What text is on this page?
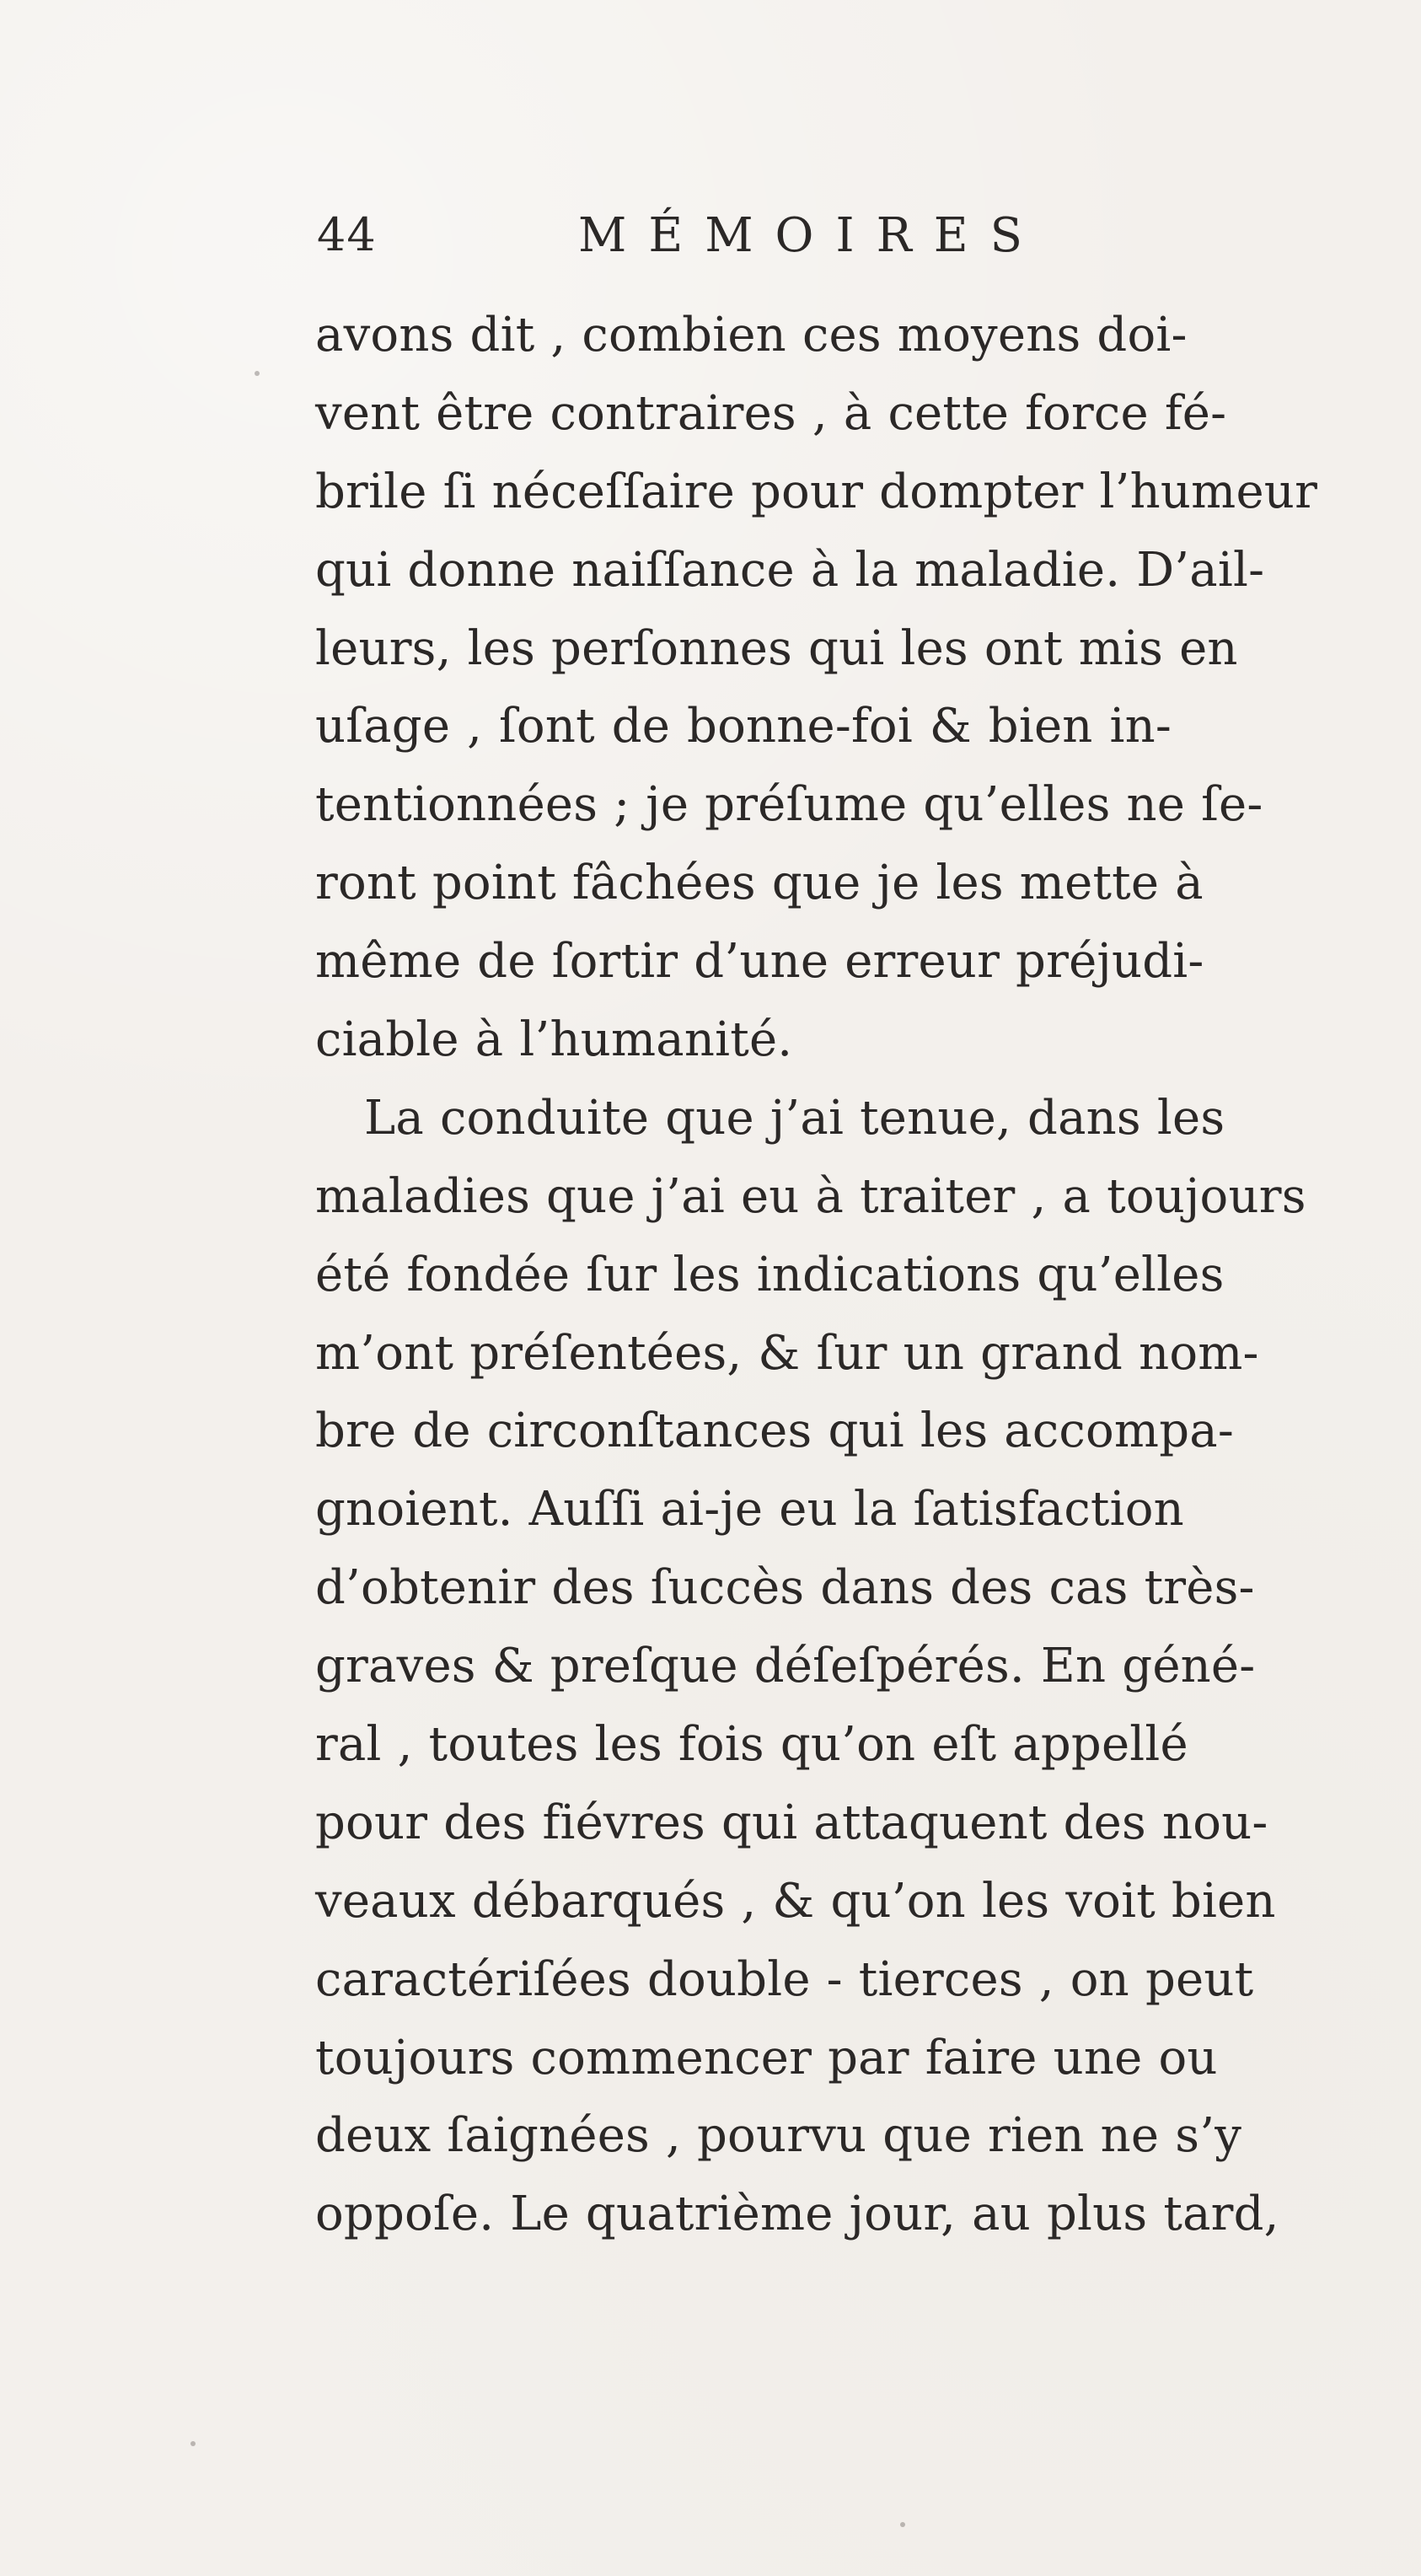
44	MÉMOIRES
avons dit , combien ces moyens doi-
vent être contraires , à cette force fé-
brile ſi néceſſaire pour dompter l’humeur
qui donne naiſſance à la maladie. D’ail-
leurs, les perſonnes qui les ont mis en
uſage , ſont de bonne-foi & bien in-
tentionnées ; je préſume qu’elles ne ſe-
ront point fâchées que je les mette à
même de ſortir d’une erreur préjudi-
ciable à l’humanité.
La conduite que j’ai tenue, dans les
maladies que j’ai eu à traiter , a toujours
été fondée ſur les indications qu’elles
m’ont préſentées, & ſur un grand nom-
bre de circonſtances qui les accompa-
gnoient. Auſſi ai-je eu la ſatisfaction
d’obtenir des ſuccès dans des cas très-
graves & preſque déſeſpérés. En géné-
ral , toutes les fois qu’on eſt appellé
pour des fiévres qui attaquent des nou-
veaux débarqués , & qu’on les voit bien
caractériſées double - tierces , on peut
toujours commencer par faire une ou
deux ſaignées , pourvu que rien ne s’y
oppoſe. Le quatrième jour, au plus tard,
